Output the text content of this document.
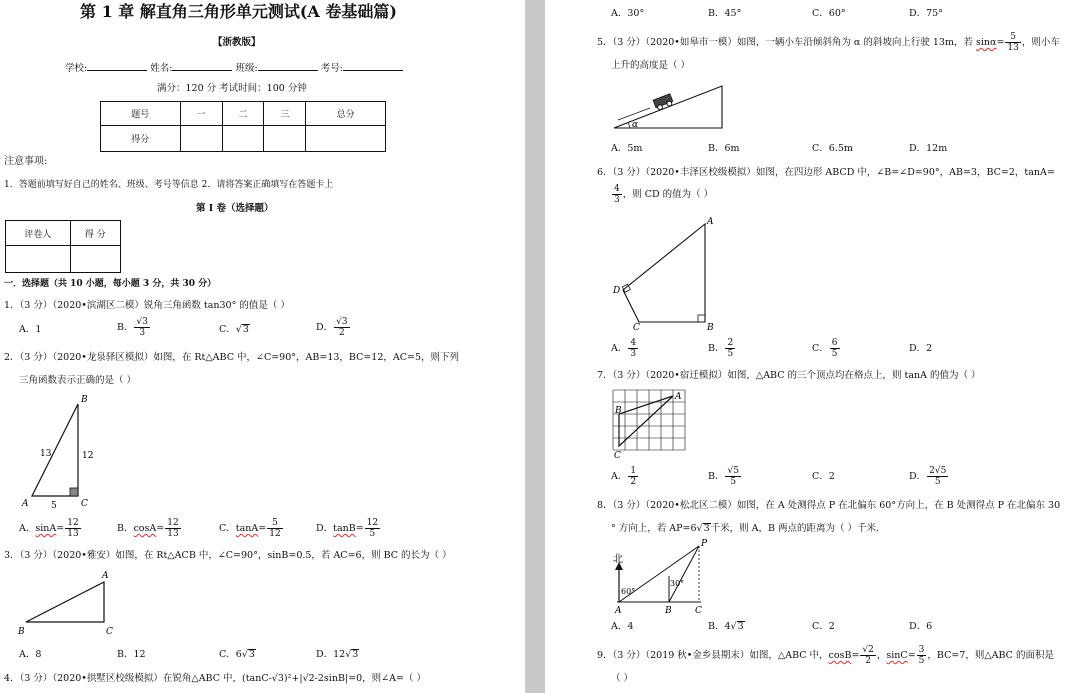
第 1 章 解直角三角形单元测试(A 卷基础篇)
【浙教版】
学校:	姓名:	班级:	考号:
满分：120 分 考试时间：100 分钟
题号	一	二	三	总分
得分				
注意事项:
1．答题前填写好自己的姓名、班级、考号等信息 2．请将答案正确填写在答题卡上
第 I 卷（选择题）
评卷人	得 分

一．选择题（共 10 小题，每小题 3 分，共 30 分）
1．（3 分）（2020•滨湖区二模）锐角三角函数 tan30° 的值是（ ）
A．1	B． $\frac{√3}{3}$	C．√3	D． $\frac{√3}{2}$
2．（3 分）（2020•龙泉驿区模拟）如图，在 Rt△ABC 中，∠C=90°，AB=13，BC=12，AC=5，则下列
三角函数表示正确的是（ ）
B
A	C
13	12
5
A．$\sin A= \frac{12}{13}$	B．$\cos A= \frac{12}{13}$	C．$\tan A= \frac{5}{12}$	D．$\tan B= \frac{12}{5}$
3．（3 分）（2020•雅安）如图，在 Rt△ACB 中，∠C=90°，sinB=0.5，若 AC=6，则 BC 的长为（ ）
A
B	C
A．8	B．12	C．6√3	D．12√3
4．（3 分）（2020•拱墅区校级模拟）在锐角△ABC 中，(tanC-√3)²+|√2-2sinB|=0，则∠A=（ ）
A．30°	B．45°	C．60°	D．75°
5．（3 分）（2020•如皋市一模）如图，一辆小车沿倾斜角为 α 的斜坡向上行驶 13m，若 $\sin\alpha= \frac{5}{13}$ ，则小车
上升的高度是（ ）
α
A．5m	B．6m	C．6.5m	D．12m
6．（3 分）（2020•丰泽区校级模拟）如图，在四边形 ABCD 中，∠B=∠D=90°，AB=3，BC=2，tanA=
$\frac{4}{3}$ ，则 CD 的值为（ ）
A
B
C
D
A． $\frac{4}{3}$	B． $\frac{2}{5}$	C． $\frac{6}{5}$	D．2
7．（3 分）（2020•宿迁模拟）如图，△ABC 的三个顶点均在格点上，则 tanA 的值为（ ）
A
B
C
A． $\frac{1}{2}$	B． $\frac{√5}{5}$	C．2	D． $\frac{2√5}{5}$
8．（3 分）（2020•松北区二模）如图，在 A 处测得点 P 在北偏东 60°方向上，在 B 处测得点 P 在北偏东 30
° 方向上，若 AP=6√3千米，则 A，B 两点的距离为（ ）千米．
北
P
A	B	C
60°
30°
A．4	B．4√3	C．2	D．6
9．（3 分）（2019 秋•金乡县期末）如图，△ABC 中，$\cos B= \frac{√2}{2}$ ，$\sin C= \frac{3}{5}$ ，BC=7，则△ABC 的面积是
（ ）
